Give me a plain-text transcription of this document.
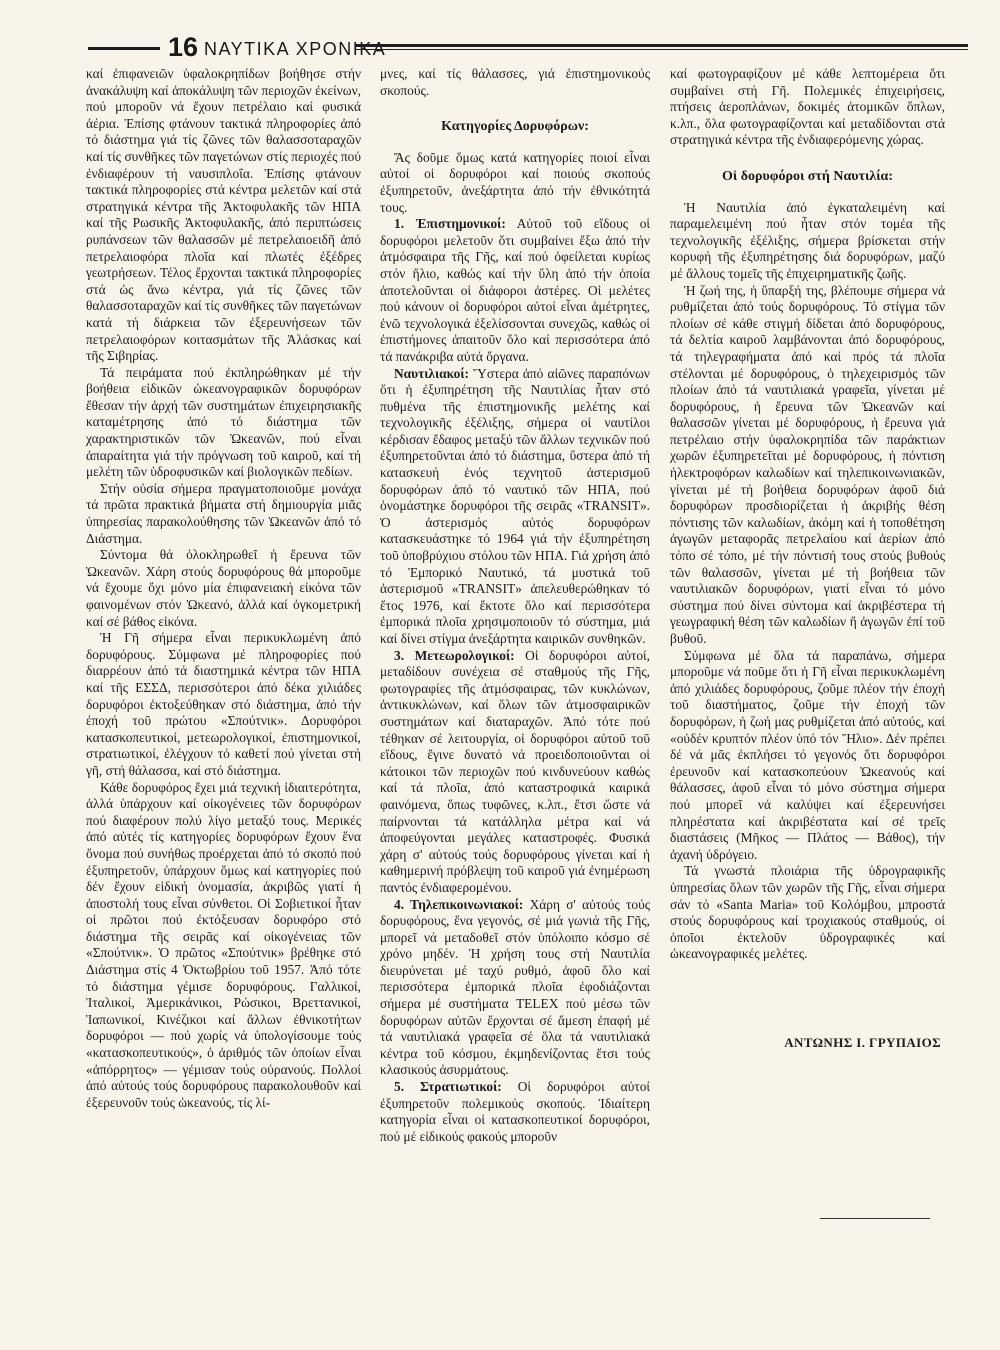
16 ΝΑΥΤΙΚΑ ΧΡΟΝΙΚΑ

καί ἐπιφανειῶν ὑφαλοκρηπίδων βοήθησε στήν ἀνακάλυψη καί ἀποκάλυψη τῶν περιοχῶν ἐκείνων, πού μποροῦν νά ἔχουν πετρέλαιο καί φυσικά ἀέρια. Ἐπίσης φτάνουν τακτικά πληροφορίες ἀπό τό διάστημα γιά τίς ζῶνες τῶν θαλασσοταραχῶν καί τίς συνθῆκες τῶν παγετώνων στίς περιοχές πού ἐνδιαφέρουν τή ναυσιπλοΐα. Ἐπίσης φτάνουν τακτικά πληροφορίες στά κέντρα μελετῶν καί στά στρατηγικά κέντρα τῆς Ἀκτοφυλακῆς τῶν ΗΠΑ καί τῆς Ρωσικῆς Ἀκτοφυλακῆς, ἀπό περιπτώσεις ρυπάνσεων τῶν θαλασσῶν μέ πετρελαιοειδῆ ἀπό πετρελαιοφόρα πλοῖα καί πλωτές ἐξέδρες γεωτρήσεων. Τέλος ἔρχονται τακτικά πληροφορίες στά ὡς ἄνω κέντρα, γιά τίς ζῶνες τῶν θαλασσοταραχῶν καί τίς συνθῆκες τῶν παγετώνων κατά τή διάρκεια τῶν ἐξερευνήσεων τῶν πετρελαιοφόρων κοιτασμάτων τῆς Ἀλάσκας καί τῆς Σιβηρίας.

Τά πειράματα πού ἐκπληρώθηκαν μέ τήν βοήθεια εἰδικῶν ὠκεανογραφικῶν δορυφόρων ἔθεσαν τήν ἀρχή τῶν συστημάτων ἐπιχειρησιακῆς καταμέτρησης ἀπό τό διάστημα τῶν χαρακτηριστικῶν τῶν Ὠκεανῶν, πού εἶναι ἀπαραίτητα γιά τήν πρόγνωση τοῦ καιροῦ, καί τή μελέτη τῶν ὑδροφυσικῶν καί βιολογικῶν πεδίων.

Στήν οὐσία σήμερα πραγματοποιοῦμε μονάχα τά πρῶτα πρακτικά βήματα στή δημιουργία μιᾶς ὑπηρεσίας παρακολούθησης τῶν Ὠκεανῶν ἀπό τό Διάστημα.

Σύντομα θά ὁλοκληρωθεῖ ἡ ἔρευνα τῶν Ὠκεανῶν. Χάρη στούς δορυφόρους θά μποροῦμε νά ἔχουμε ὄχι μόνο μία ἐπιφανειακή εἰκόνα τῶν φαινομένων στόν Ὠκεανό, ἀλλά καί ὀγκομετρική καί σέ βάθος εἰκόνα.

Ἡ Γῆ σήμερα εἶναι περικυκλωμένη ἀπό δορυφόρους. Σύμφωνα μέ πληροφορίες πού διαρρέουν ἀπό τά διαστημικά κέντρα τῶν ΗΠΑ καί τῆς ΕΣΣΔ, περισσότεροι ἀπό δέκα χιλιάδες δορυφόροι ἐκτοξεύθηκαν στό διάστημα, ἀπό τήν ἐποχή τοῦ πρώτου «Σπούτνικ». Δορυφόροι κατασκοπευτικοί, μετεωρολογικοί, ἐπιστημονικοί, στρατιωτικοί, ἐλέγχουν τό καθετί πού γίνεται στή γῆ, στή θάλασσα, καί στό διάστημα.

Κάθε δορυφόρος ἔχει μιά τεχνική ἰδιαιτερότητα, ἀλλά ὑπάρχουν καί οἰκογένειες τῶν δορυφόρων πού διαφέρουν πολύ λίγο μεταξύ τους. Μερικές ἀπό αὐτές τίς κατηγορίες δορυφόρων ἔχουν ἕνα ὄνομα πού συνήθως προέρχεται ἀπό τό σκοπό πού ἐξυπηρετοῦν, ὑπάρχουν ὅμως καί κατηγορίες πού δέν ἔχουν εἰδική ὀνομασία, ἀκριβῶς γιατί ἡ ἀποστολή τους εἶναι σύνθετοι. Οἱ Σοβιετικοί ἦταν οἱ πρῶτοι πού ἐκτόξευσαν δορυφόρο στό διάστημα τῆς σειρᾶς καί οἰκογένειας τῶν «Σπούτνικ». Ὁ πρῶτος «Σπούτνικ» βρέθηκε στό Διάστημα στίς 4 Ὀκτωβρίου τοῦ 1957. Ἀπό τότε τό διάστημα γέμισε δορυφόρους. Γαλλικοί, Ἰταλικοί, Ἀμερικάνικοι, Ρώσικοι, Βρεττανικοί, Ἰαπωνικοί, Κινέζικοι καί ἄλλων ἐθνικοτήτων δορυφόροι — πού χωρίς νά ὑπολογίσουμε τούς «κατασκοπευτικούς», ὁ ἀριθμός τῶν ὁποίων εἶναι «ἀπόρρητος» — γέμισαν τούς οὐρανούς. Πολλοί ἀπό αὐτούς τούς δορυφόρους παρακολουθοῦν καί ἐξερευνοῦν τούς ὠκεανούς, τίς λί-

μνες, καί τίς θάλασσες, γιά ἐπιστημονικούς σκοπούς.

Κατηγορίες Δορυφόρων:

Ἄς δοῦμε ὅμως κατά κατηγορίες ποιοί εἶναι αὐτοί οἱ δορυφόροι καί ποιούς σκοπούς ἐξυπηρετοῦν, ἀνεξάρτητα ἀπό τήν ἐθνικότητά τους.

1. Ἐπιστημονικοί: Αὐτοῦ τοῦ εἴδους οἱ δορυφόροι μελετοῦν ὅτι συμβαίνει ἔξω ἀπό τήν ἀτμόσφαιρα τῆς Γῆς, καί πού ὀφείλεται κυρίως στόν ἥλιο, καθώς καί τήν ὕλη ἀπό τήν ὁποία ἀποτελοῦνται οἱ διάφοροι ἀστέρες. Οἱ μελέτες πού κάνουν οἱ δορυφόροι αὐτοί εἶναι ἀμέτρητες, ἐνῶ τεχνολογικά ἐξελίσσονται συνεχῶς, καθώς οἱ ἐπιστήμονες ἀπαιτοῦν ὅλο καί περισσότερα ἀπό τά πανάκριβα αὐτά ὄργανα.

Ναυτιλιακοί: Ὕστερα ἀπό αἰῶνες παραπόνων ὅτι ἡ ἐξυπηρέτηση τῆς Ναυτιλίας ἦταν στό πυθμένα τῆς ἐπιστημονικῆς μελέτης καί τεχνολογικῆς ἐξέλιξης, σήμερα οἱ ναυτίλοι κέρδισαν ἔδαφος μεταξύ τῶν ἄλλων τεχνικῶν πού ἐξυπηρετοῦνται ἀπό τό διάστημα, ὕστερα ἀπό τή κατασκευή ἑνός τεχνητοῦ ἀστερισμοῦ δορυφόρων ἀπό τό ναυτικό τῶν ΗΠΑ, πού ὀνομάστηκε δορυφόροι τῆς σειρᾶς «TRANSIT». Ὁ ἀστερισμός αὐτός δορυφόρων κατασκευάστηκε τό 1964 γιά τήν ἐξυπηρέτηση τοῦ ὑποβρύχιου στόλου τῶν ΗΠΑ. Γιά χρήση ἀπό τό Ἐμπορικό Ναυτικό, τά μυστικά τοῦ ἀστερισμοῦ «TRANSIT» ἀπελευθερώθηκαν τό ἔτος 1976, καί ἔκτοτε ὅλο καί περισσότερα ἐμπορικά πλοῖα χρησιμοποιοῦν τό σύστημα, μιά καί δίνει στίγμα ἀνεξάρτητα καιρικῶν συνθηκῶν.

3. Μετεωρολογικοί: Οἱ δορυφόροι αὐτοί, μεταδίδουν συνέχεια σέ σταθμούς τῆς Γῆς, φωτογραφίες τῆς ἀτμόσφαιρας, τῶν κυκλώνων, ἀντικυκλώνων, καί ὅλων τῶν ἀτμοσφαιρικῶν συστημάτων καί διαταραχῶν. Ἀπό τότε πού τέθηκαν σέ λειτουργία, οἱ δορυφόροι αὐτοῦ τοῦ εἴδους, ἔγινε δυνατό νά προειδοποιοῦνται οἱ κάτοικοι τῶν περιοχῶν πού κινδυνεύουν καθώς καί τά πλοῖα, ἀπό καταστροφικά καιρικά φαινόμενα, ὅπως τυφῶνες, κ.λπ., ἔτσι ὥστε νά παίρνονται τά κατάλληλα μέτρα καί νά ἀποφεύγονται μεγάλες καταστροφές. Φυσικά χάρη σ' αὐτούς τούς δορυφόρους γίνεται καί ἡ καθημερινή πρόβλεψη τοῦ καιροῦ γιά ἐνημέρωση παντός ἐνδιαφερομένου.

4. Τηλεπικοινωνιακοί: Χάρη σ' αὐτούς τούς δορυφόρους, ἕνα γεγονός, σέ μιά γωνιά τῆς Γῆς, μπορεῖ νά μεταδοθεῖ στόν ὑπόλοιπο κόσμο σέ χρόνο μηδέν. Ἡ χρήση τους στή Ναυτιλία διευρύνεται μέ ταχύ ρυθμό, ἀφοῦ ὅλο καί περισσότερα ἐμπορικά πλοῖα ἐφοδιάζονται σήμερα μέ συστήματα TELEX πού μέσω τῶν δορυφόρων αὐτῶν ἔρχονται σέ ἄμεση ἐπαφή μέ τά ναυτιλιακά γραφεῖα σέ ὅλα τά ναυτιλιακά κέντρα τοῦ κόσμου, ἐκμηδενίζοντας ἔτσι τούς κλασικούς ἀσυρμάτους.

5. Στρατιωτικοί: Οἱ δορυφόροι αὐτοί ἐξυπηρετοῦν πολεμικούς σκοπούς. Ἰδιαίτερη κατηγορία εἶναι οἱ κατασκοπευτικοί δορυφόροι, πού μέ εἰδικούς φακούς μποροῦν

καί φωτογραφίζουν μέ κάθε λεπτομέρεια ὅτι συμβαίνει στή Γῆ. Πολεμικές ἐπιχειρήσεις, πτήσεις ἀεροπλάνων, δοκιμές ἀτομικῶν ὅπλων, κ.λπ., ὅλα φωτογραφίζονται καί μεταδίδονται στά στρατηγικά κέντρα τῆς ἐνδιαφερόμενης χώρας.

Οἱ δορυφόροι στή Ναυτιλία:

Ἡ Ναυτιλία ἀπό ἐγκαταλειμένη καί παραμελειμένη πού ἦταν στόν τομέα τῆς τεχνολογικῆς ἐξέλιξης, σήμερα βρίσκεται στήν κορυφή τῆς ἐξυπηρέτησης διά δορυφόρων, μαζύ μέ ἄλλους τομεῖς τῆς ἐπιχειρηματικῆς ζωῆς.

Ἡ ζωή της, ἡ ὕπαρξή της, βλέπουμε σήμερα νά ρυθμίζεται ἀπό τούς δορυφόρους. Τό στίγμα τῶν πλοίων σέ κάθε στιγμή δίδεται ἀπό δορυφόρους, τά δελτία καιροῦ λαμβάνονται ἀπό δορυφόρους, τά τηλεγραφήματα ἀπό καί πρός τά πλοῖα στέλονται μέ δορυφόρους, ὁ τηλεχειρισμός τῶν πλοίων ἀπό τά ναυτιλιακά γραφεῖα, γίνεται μέ δορυφόρους, ἡ ἔρευνα τῶν Ὠκεανῶν καί θαλασσῶν γίνεται μέ δορυφόρους, ἡ ἔρευνα γιά πετρέλαιο στήν ὑφαλοκρηπίδα τῶν παράκτιων χωρῶν ἐξυπηρετεῖται μέ δορυφόρους, ἡ πόντιση ἠλεκτροφόρων καλωδίων καί τηλεπικοινωνιακῶν, γίνεται μέ τή βοήθεια δορυφόρων ἀφοῦ διά δορυφόρων προσδιορίζεται ἡ ἀκριβής θέση πόντισης τῶν καλωδίων, ἀκόμη καί ἡ τοποθέτηση ἀγωγῶν μεταφορᾶς πετρελαίου καί ἀερίων ἀπό τόπο σέ τόπο, μέ τήν πόντισή τους στούς βυθούς τῶν θαλασσῶν, γίνεται μέ τή βοήθεια τῶν ναυτιλιακῶν δορυφόρων, γιατί εἶναι τό μόνο σύστημα πού δίνει σύντομα καί ἀκριβέστερα τή γεωγραφική θέση τῶν καλωδίων ἤ ἀγωγῶν ἐπί τοῦ βυθοῦ.

Σύμφωνα μέ ὅλα τά παραπάνω, σήμερα μποροῦμε νά ποῦμε ὅτι ἡ Γῆ εἶναι περικυκλωμένη ἀπό χιλιάδες δορυφόρους, ζοῦμε πλέον τήν ἐποχή τοῦ διαστήματος, ζοῦμε τήν ἐποχή τῶν δορυφόρων, ἡ ζωή μας ρυθμίζεται ἀπό αὐτούς, καί «οὐδέν κρυπτόν πλέον ὑπό τόν Ἥλιο». Δέν πρέπει δέ νά μᾶς ἐκπλήσει τό γεγονός ὅτι δορυφόροι ἐρευνοῦν καί κατασκοπεύουν Ὠκεανούς καί θάλασσες, ἀφοῦ εἶναι τό μόνο σύστημα σήμερα πού μπορεῖ νά καλύψει καί ἐξερευνήσει πληρέστατα καί ἀκριβέστατα καί σέ τρεῖς διαστάσεις (Μῆκος — Πλάτος — Βάθος), τήν ἀχανή ὑδρόγειο.

Τά γνωστά πλοιάρια τῆς ὑδρογραφικῆς ὑπηρεσίας ὅλων τῶν χωρῶν τῆς Γῆς, εἶναι σήμερα σάν τό «Santa Maria» τοῦ Κολόμβου, μπροστά στούς δορυφόρους καί τροχιακούς σταθμούς, οἱ ὁποῖοι ἐκτελοῦν ὑδρογραφικές καί ὠκεανογραφικές μελέτες.

ΑΝΤΩΝΗΣ Ι. ΓΡΥΠΑΙΟΣ
